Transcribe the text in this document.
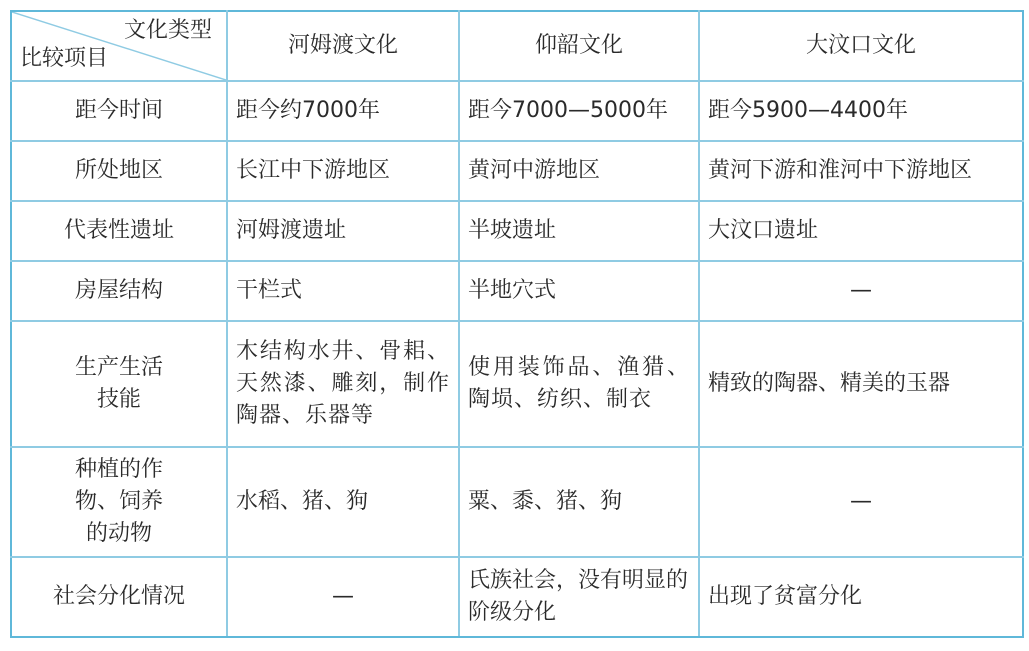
文化类型
比较项目	河姆渡文化	仰韶文化	大汶口文化
距今时间	距今约7000年	距今7000—5000年	距今5900—4400年
所处地区	长江中下游地区	黄河中游地区	黄河下游和淮河中下游地区
代表性遗址	河姆渡遗址	半坡遗址	大汶口遗址
房屋结构	干栏式	半地穴式	—
生产生活技能	木结构水井、骨耜、天然漆、雕刻，制作陶器、乐器等	使用装饰品、渔猎、陶埙、纺织、制衣	精致的陶器、精美的玉器
种植的作物、饲养的动物	水稻、猪、狗	粟、黍、猪、狗	—
社会分化情况	—	氏族社会，没有明显的阶级分化	出现了贫富分化
